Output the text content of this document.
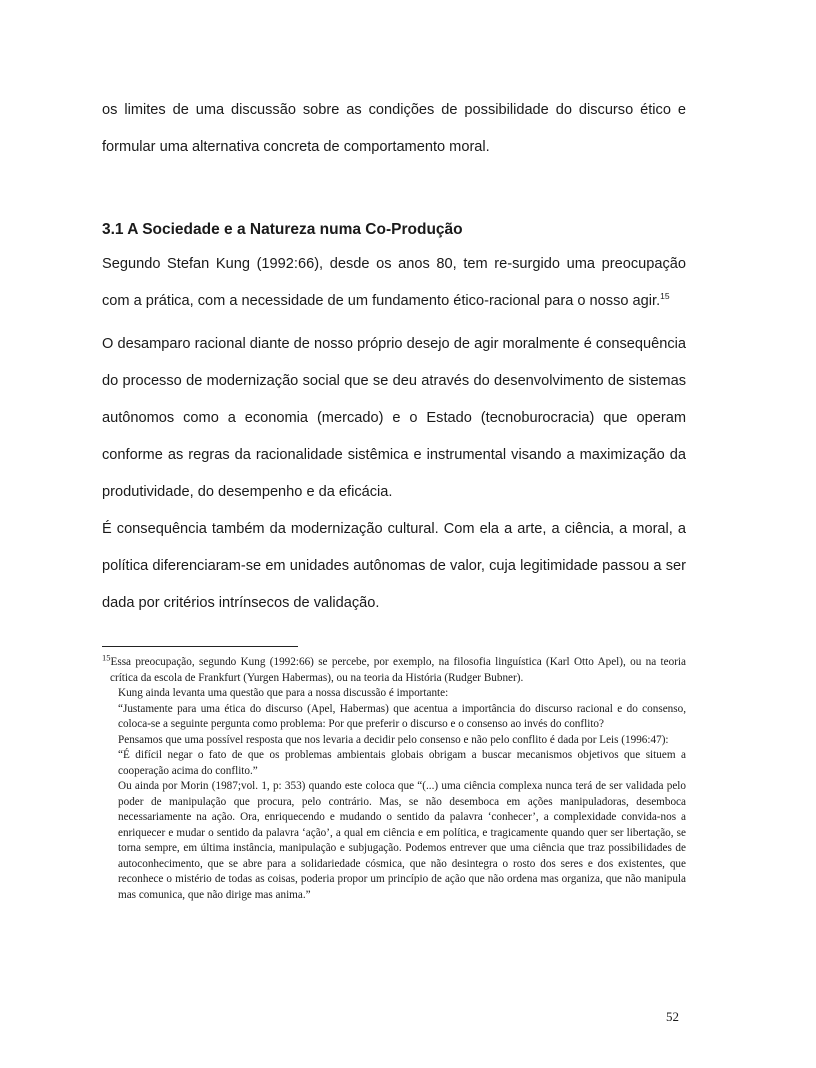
os limites de uma discussão sobre as condições de possibilidade do discurso ético e formular uma alternativa concreta de comportamento moral.

3.1 A Sociedade e a Natureza numa Co-Produção

Segundo Stefan Kung (1992:66), desde os anos 80, tem re-surgido uma preocupação com a prática, com a necessidade de um fundamento ético-racional para o nosso agir.$^{15}$

O desamparo racional diante de nosso próprio desejo de agir moralmente é consequência do processo de modernização social que se deu através do desenvolvimento de sistemas autônomos como a economia (mercado) e o Estado (tecnoburocracia) que operam conforme as regras da racionalidade sistêmica e instrumental visando a maximização da produtividade, do desempenho e da eficácia.

É consequência também da modernização cultural. Com ela a arte, a ciência, a moral, a política diferenciaram-se em unidades autônomas de valor, cuja legitimidade passou a ser dada por critérios intrínsecos de validação.

$^{15}$Essa preocupação, segundo Kung (1992:66) se percebe, por exemplo, na filosofia linguística (Karl Otto Apel), ou na teoria crítica da escola de Frankfurt (Yurgen Habermas), ou na teoria da História (Rudger Bubner).

Kung ainda levanta uma questão que para a nossa discussão é importante:

“Justamente para uma ética do discurso (Apel, Habermas) que acentua a importância do discurso racional e do consenso, coloca-se a seguinte pergunta como problema: Por que preferir o discurso e o consenso ao invés do conflito?

Pensamos que uma possível resposta que nos levaria a decidir pelo consenso e não pelo conflito é dada por Leis (1996:47):

“É difícil negar o fato de que os problemas ambientais globais obrigam a buscar mecanismos objetivos que situem a cooperação acima do conflito.”

Ou ainda por Morin (1987;vol. 1, p: 353) quando este coloca que “(...) uma ciência complexa nunca terá de ser validada pelo poder de manipulação que procura, pelo contrário. Mas, se não desemboca em ações manipuladoras, desemboca necessariamente na ação. Ora, enriquecendo e mudando o sentido da palavra ‘conhecer’, a complexidade convida-nos a enriquecer e mudar o sentido da palavra ‘ação’, a qual em ciência e em política, e tragicamente quando quer ser libertação, se torna sempre, em última instância, manipulação e subjugação. Podemos entrever que uma ciência que traz possibilidades de autoconhecimento, que se abre para a solidariedade cósmica, que não desintegra o rosto dos seres e dos existentes, que reconhece o mistério de todas as coisas, poderia propor um princípio de ação que não ordena mas organiza, que não manipula mas comunica, que não dirige mas anima.”

52
